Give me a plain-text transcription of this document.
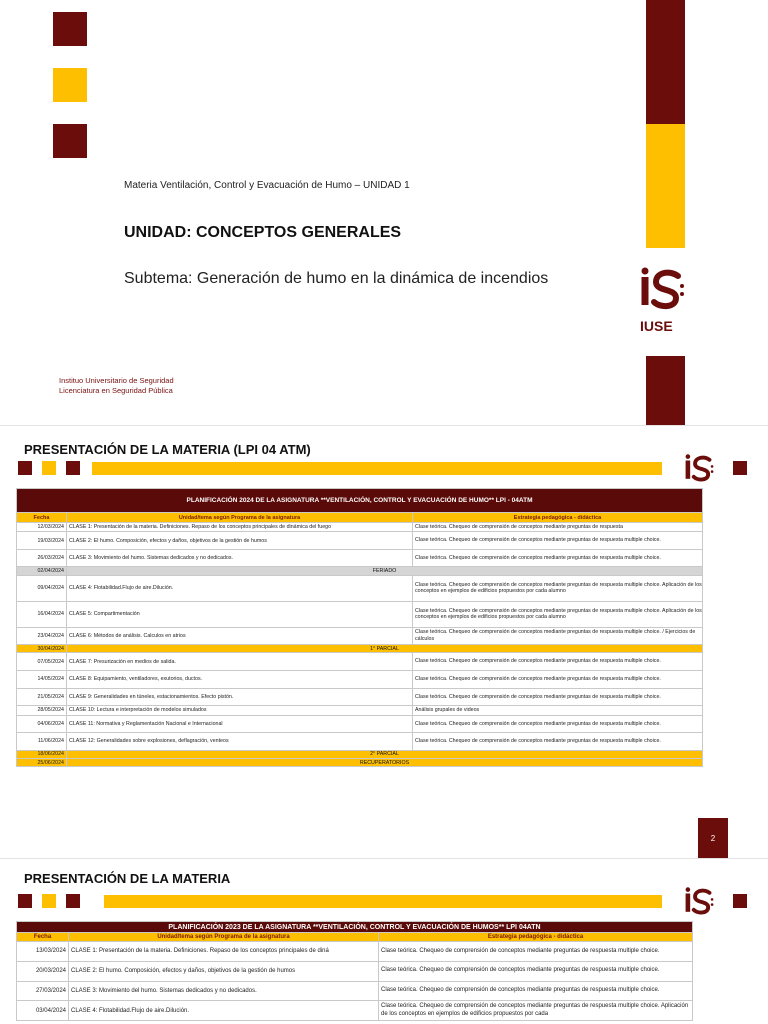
Materia Ventilación, Control y Evacuación de Humo – UNIDAD 1
UNIDAD: CONCEPTOS GENERALES
Subtema: Generación de humo en la dinámica de incendios
IUSE
Instituo Universitario de Seguridad
Licenciatura en Seguridad Pública
PRESENTACIÓN DE LA MATERIA (LPI 04 ATM)
PLANIFICACIÓN 2024 DE LA ASIGNATURA **VENTILACIÓN, CONTROL Y EVACUACIÓN DE HUMO** LPI - 04ATM		
Fecha	Unidad/tema según Programa de la asignatura	Estrategia pedagógica - didáctica
12/03/2024	CLASE 1: Presentación de la materia. Definiciones. Repaso de los conceptos principales de dinámica del fuego	Clase teórica. Chequeo de comprensión de conceptos mediante preguntas de respuesta
19/03/2024	CLASE 2: El humo. Composición, efectos y daños, objetivos de la gestión de humos	Clase teórica. Chequeo de comprensión de conceptos mediante preguntas de respuesta multiple choice.
26/03/2024	CLASE 3: Movimiento del humo. Sistemas dedicados y no dedicados.	Clase teórica. Chequeo de comprensión de conceptos mediante preguntas de respuesta multiple choice.
02/04/2024	FERIADO	
09/04/2024	CLASE 4: Flotabilidad.Flujo de aire.Dilución.	Clase teórica. Chequeo de comprensión de conceptos mediante preguntas de respuesta multiple choice. Aplicación de los conceptos en ejemplos de edificios propuestos por cada alumno
16/04/2024	CLASE 5: Compartimentación	Clase teórica. Chequeo de comprensión de conceptos mediante preguntas de respuesta multiple choice. Aplicación de los conceptos en ejemplos de edificios propuestos por cada alumno
23/04/2024	CLASE 6: Métodos de análisis. Calculos en atrios	Clase teórica. Chequeo de comprensión de conceptos mediante preguntas de respuesta multiple choice. / Ejercicios de cálculos
30/04/2024	1° PARCIAL	
07/05/2024	CLASE 7: Presurización en medios de salida.	Clase teórica. Chequeo de comprensión de conceptos mediante preguntas de respuesta multiple choice.
14/05/2024	CLASE 8: Equipamiento, ventiladores, exutorios, ductos.	Clase teórica. Chequeo de comprensión de conceptos mediante preguntas de respuesta multiple choice.
21/05/2024	CLASE 9: Generalidades en túneles, estacionamientos. Efecto pistón.	Clase teórica. Chequeo de comprensión de conceptos mediante preguntas de respuesta multiple choice.
28/05/2024	CLASE 10: Lectura e interpretación de modelos simulados	Análisis grupales de videos
04/06/2024	CLASE 11: Normativa y Reglamentación Nacional e Internacional	Clase teórica. Chequeo de comprensión de conceptos mediante preguntas de respuesta multiple choice.
11/06/2024	CLASE 12: Generalidades sobre explosiones, deflagración, venteos	Clase teórica. Chequeo de comprensión de conceptos mediante preguntas de respuesta multiple choice.
18/06/2024	2° PARCIAL	
25/06/2024	RECUPERATORIOS	
2
PRESENTACIÓN DE LA MATERIA
PLANIFICACIÓN 2023 DE LA ASIGNATURA **VENTILACIÓN, CONTROL Y EVACUACIÓN DE HUMOS** LPI 04ATN		
Fecha	Unidad/tema según Programa de la asignatura	Estrategia pedagógica - didáctica
13/03/2024	CLASE 1: Presentación de la materia. Definiciones. Repaso de los conceptos principales de diná	Clase teórica. Chequeo de comprensión de conceptos mediante preguntas de respuesta multiple choice.
20/03/2024	CLASE 2: El humo. Composición, efectos y daños, objetivos de la gestión de humos	Clase teórica. Chequeo de comprensión de conceptos mediante preguntas de respuesta multiple choice.
27/03/2024	CLASE 3: Movimiento del humo. Sistemas dedicados y no dedicados.	Clase teórica. Chequeo de comprensión de conceptos mediante preguntas de respuesta multiple choice.
03/04/2024	CLASE 4: Flotabilidad.Flujo de aire.Dilución.	Clase teórica. Chequeo de comprensión de conceptos mediante preguntas de respuesta multiple choice. Aplicación de los conceptos en ejemplos de edificios propuestos por cada
